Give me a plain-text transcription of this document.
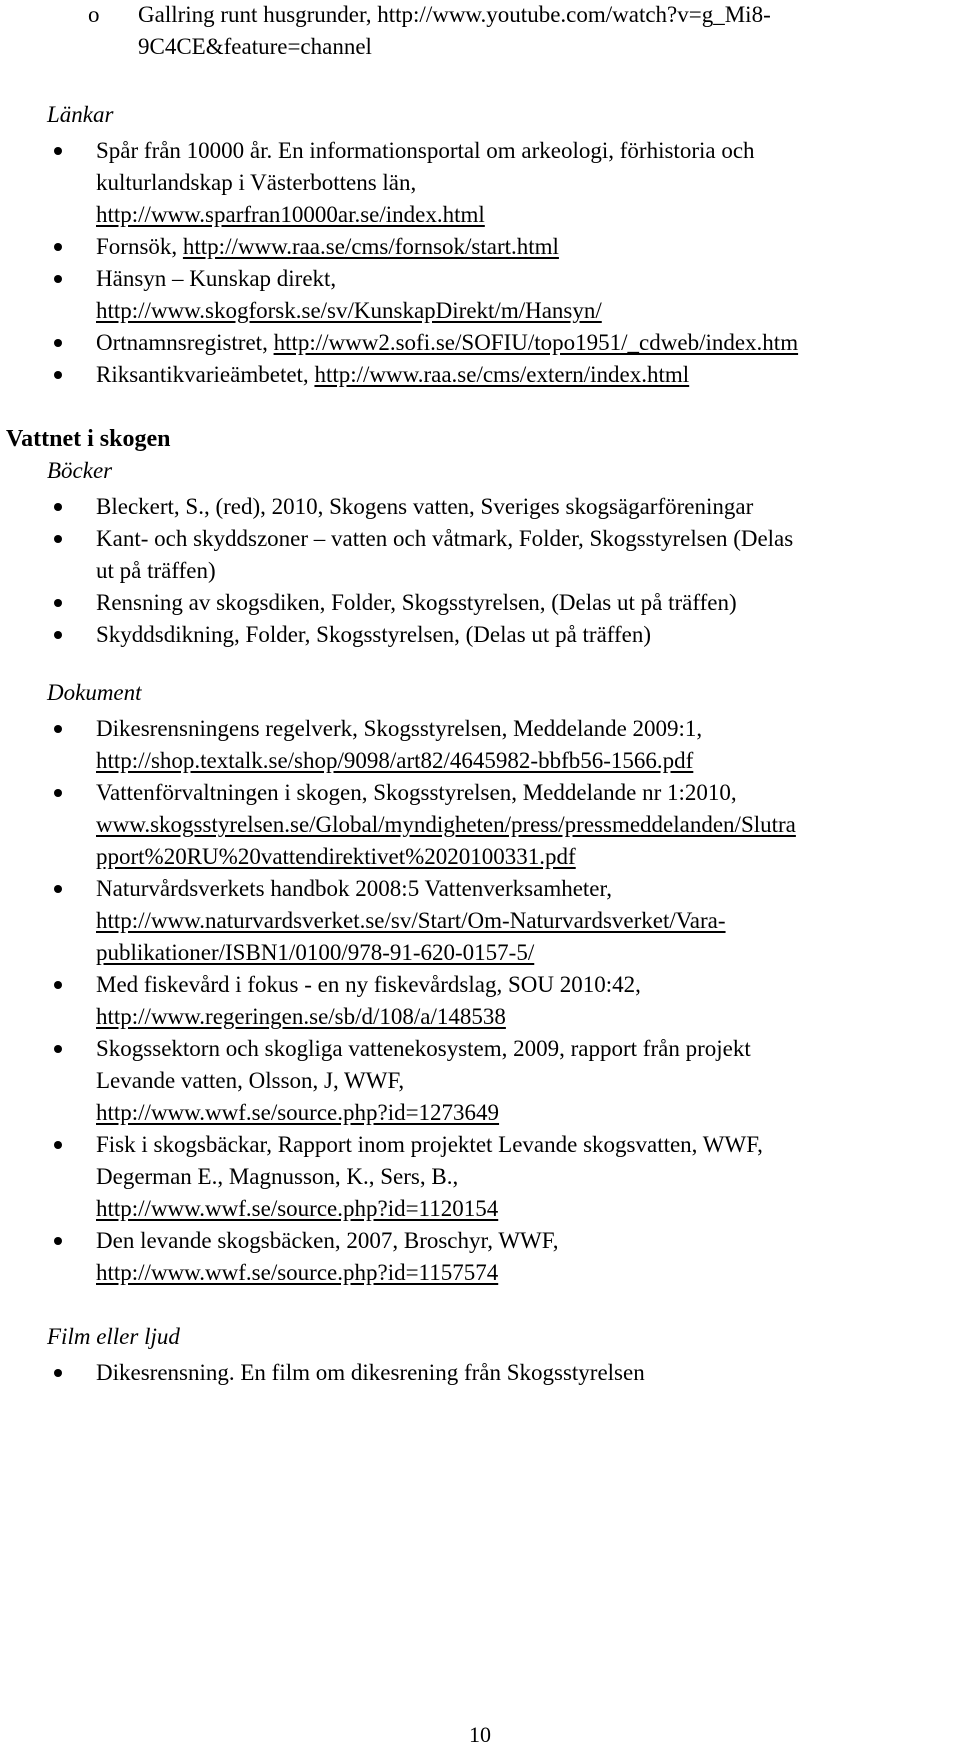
o Gallring runt husgrunder, http://www.youtube.com/watch?v=g_Mi8-
9C4CE&feature=channel
Länkar
Spår från 10000 år. En informationsportal om arkeologi, förhistoria och
kulturlandskap i Västerbottens län,
http://www.sparfran10000ar.se/index.html
Fornsök, http://www.raa.se/cms/fornsok/start.html
Hänsyn – Kunskap direkt,
http://www.skogforsk.se/sv/KunskapDirekt/m/Hansyn/
Ortnamnsregistret, http://www2.sofi.se/SOFIU/topo1951/_cdweb/index.htm
Riksantikvarieämbetet, http://www.raa.se/cms/extern/index.html
Vattnet i skogen
Böcker
Bleckert, S., (red), 2010, Skogens vatten, Sveriges skogsägarföreningar
Kant- och skyddszoner – vatten och våtmark, Folder, Skogsstyrelsen (Delas
ut på träffen)
Rensning av skogsdiken, Folder, Skogsstyrelsen, (Delas ut på träffen)
Skyddsdikning, Folder, Skogsstyrelsen, (Delas ut på träffen)
Dokument
Dikesrensningens regelverk, Skogsstyrelsen, Meddelande 2009:1,
http://shop.textalk.se/shop/9098/art82/4645982-bbfb56-1566.pdf
Vattenförvaltningen i skogen, Skogsstyrelsen, Meddelande nr 1:2010,
www.skogsstyrelsen.se/Global/myndigheten/press/pressmeddelanden/Slutra
pport%20RU%20vattendirektivet%2020100331.pdf
Naturvårdsverkets handbok 2008:5 Vattenverksamheter,
http://www.naturvardsverket.se/sv/Start/Om-Naturvardsverket/Vara-
publikationer/ISBN1/0100/978-91-620-0157-5/
Med fiskevård i fokus - en ny fiskevårdslag, SOU 2010:42,
http://www.regeringen.se/sb/d/108/a/148538
Skogssektorn och skogliga vattenekosystem, 2009, rapport från projekt
Levande vatten, Olsson, J, WWF,
http://www.wwf.se/source.php?id=1273649
Fisk i skogsbäckar, Rapport inom projektet Levande skogsvatten, WWF,
Degerman E., Magnusson, K., Sers, B.,
http://www.wwf.se/source.php?id=1120154
Den levande skogsbäcken, 2007, Broschyr, WWF,
http://www.wwf.se/source.php?id=1157574
Film eller ljud
Dikesrensning. En film om dikesrening från Skogsstyrelsen
10
